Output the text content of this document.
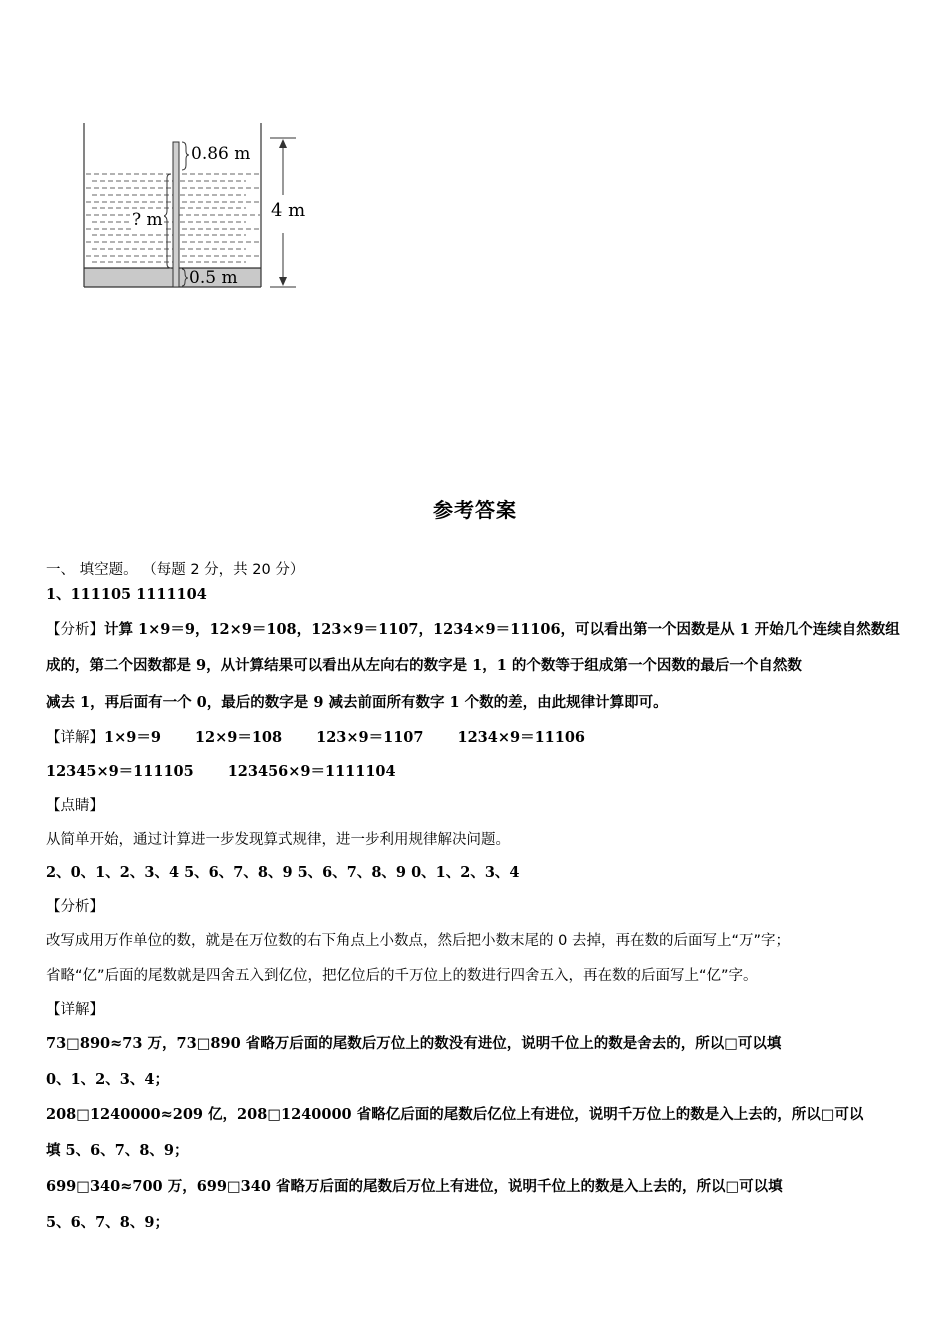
0.86 m
? m	4 m
0.5 m
参考答案
一、 填空题。 （每题 2 分，共 20 分）
1、111105 1111104
【分析】计算 1×9＝9，12×9＝108，123×9＝1107，1234×9＝11106，可以看出第一个因数是从 1 开始几个连续自然数组
成的，第二个因数都是 9，从计算结果可以看出从左向右的数字是 1，1 的个数等于组成第一个因数的最后一个自然数
减去 1，再后面有一个 0，最后的数字是 9 减去前面所有数字 1 个数的差，由此规律计算即可。
【详解】1×9＝9 12×9＝108 123×9＝1107 1234×9＝11106
12345×9＝111105 123456×9＝1111104
【点睛】
从简单开始，通过计算进一步发现算式规律，进一步利用规律解决问题。
2、0、1、2、3、4 5、6、7、8、9 5、6、7、8、9 0、1、2、3、4
【分析】
改写成用万作单位的数，就是在万位数的右下角点上小数点，然后把小数末尾的 0 去掉，再在数的后面写上“万”字；
省略“亿”后面的尾数就是四舍五入到亿位，把亿位后的千万位上的数进行四舍五入，再在数的后面写上“亿”字。
【详解】
73□890≈73 万，73□890 省略万后面的尾数后万位上的数没有进位，说明千位上的数是舍去的，所以□可以填
0、1、2、3、4；
208□1240000≈209 亿，208□1240000 省略亿后面的尾数后亿位上有进位，说明千万位上的数是入上去的，所以□可以
填 5、6、7、8、9；
699□340≈700 万，699□340 省略万后面的尾数后万位上有进位，说明千位上的数是入上去的，所以□可以填
5、6、7、8、9；
